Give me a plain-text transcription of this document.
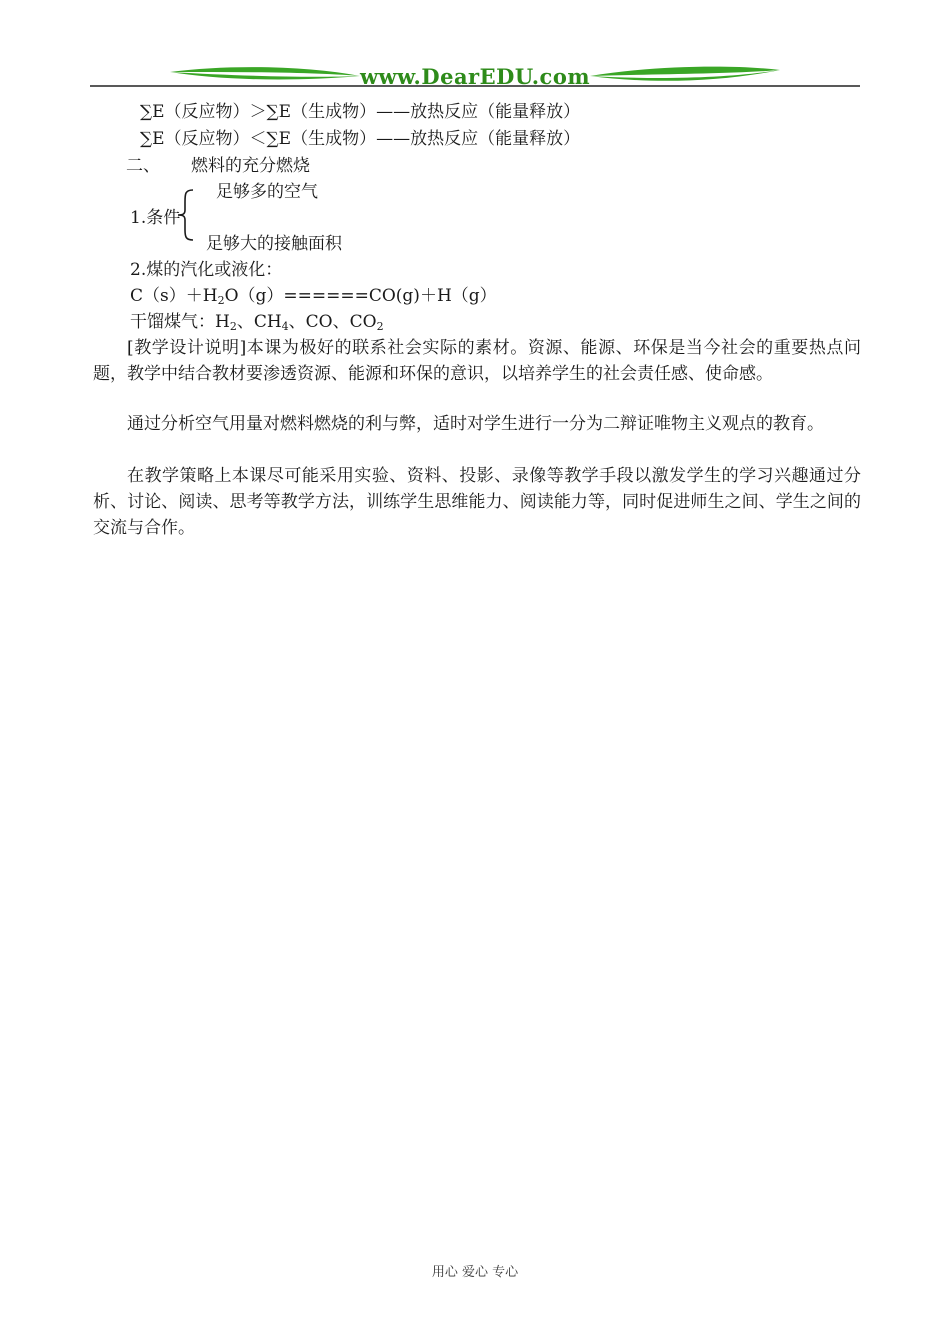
www.DearEDU.com
∑E（反应物）＞∑E（生成物）——放热反应（能量释放）
∑E（反应物）＜∑E（生成物）——放热反应（能量释放）
二、 燃料的充分燃烧
足够多的空气
1.条件
足够大的接触面积
2.煤的汽化或液化：
$C(s)+H_2O(g)======CO(g)+H(g)$
干馏煤气：$H_2$、$CH_4$、CO、$CO_2$
[教学设计说明]本课为极好的联系社会实际的素材。资源、能源、环保是当今社会的重要热点问题，教学中结合教材要渗透资源、能源和环保的意识，以培养学生的社会责任感、使命感。
通过分析空气用量对燃料燃烧的利与弊，适时对学生进行一分为二辩证唯物主义观点的教育。
在教学策略上本课尽可能采用实验、资料、投影、录像等教学手段以激发学生的学习兴趣通过分析、讨论、阅读、思考等教学方法，训练学生思维能力、阅读能力等，同时促进师生之间、学生之间的交流与合作。
用心 爱心 专心
